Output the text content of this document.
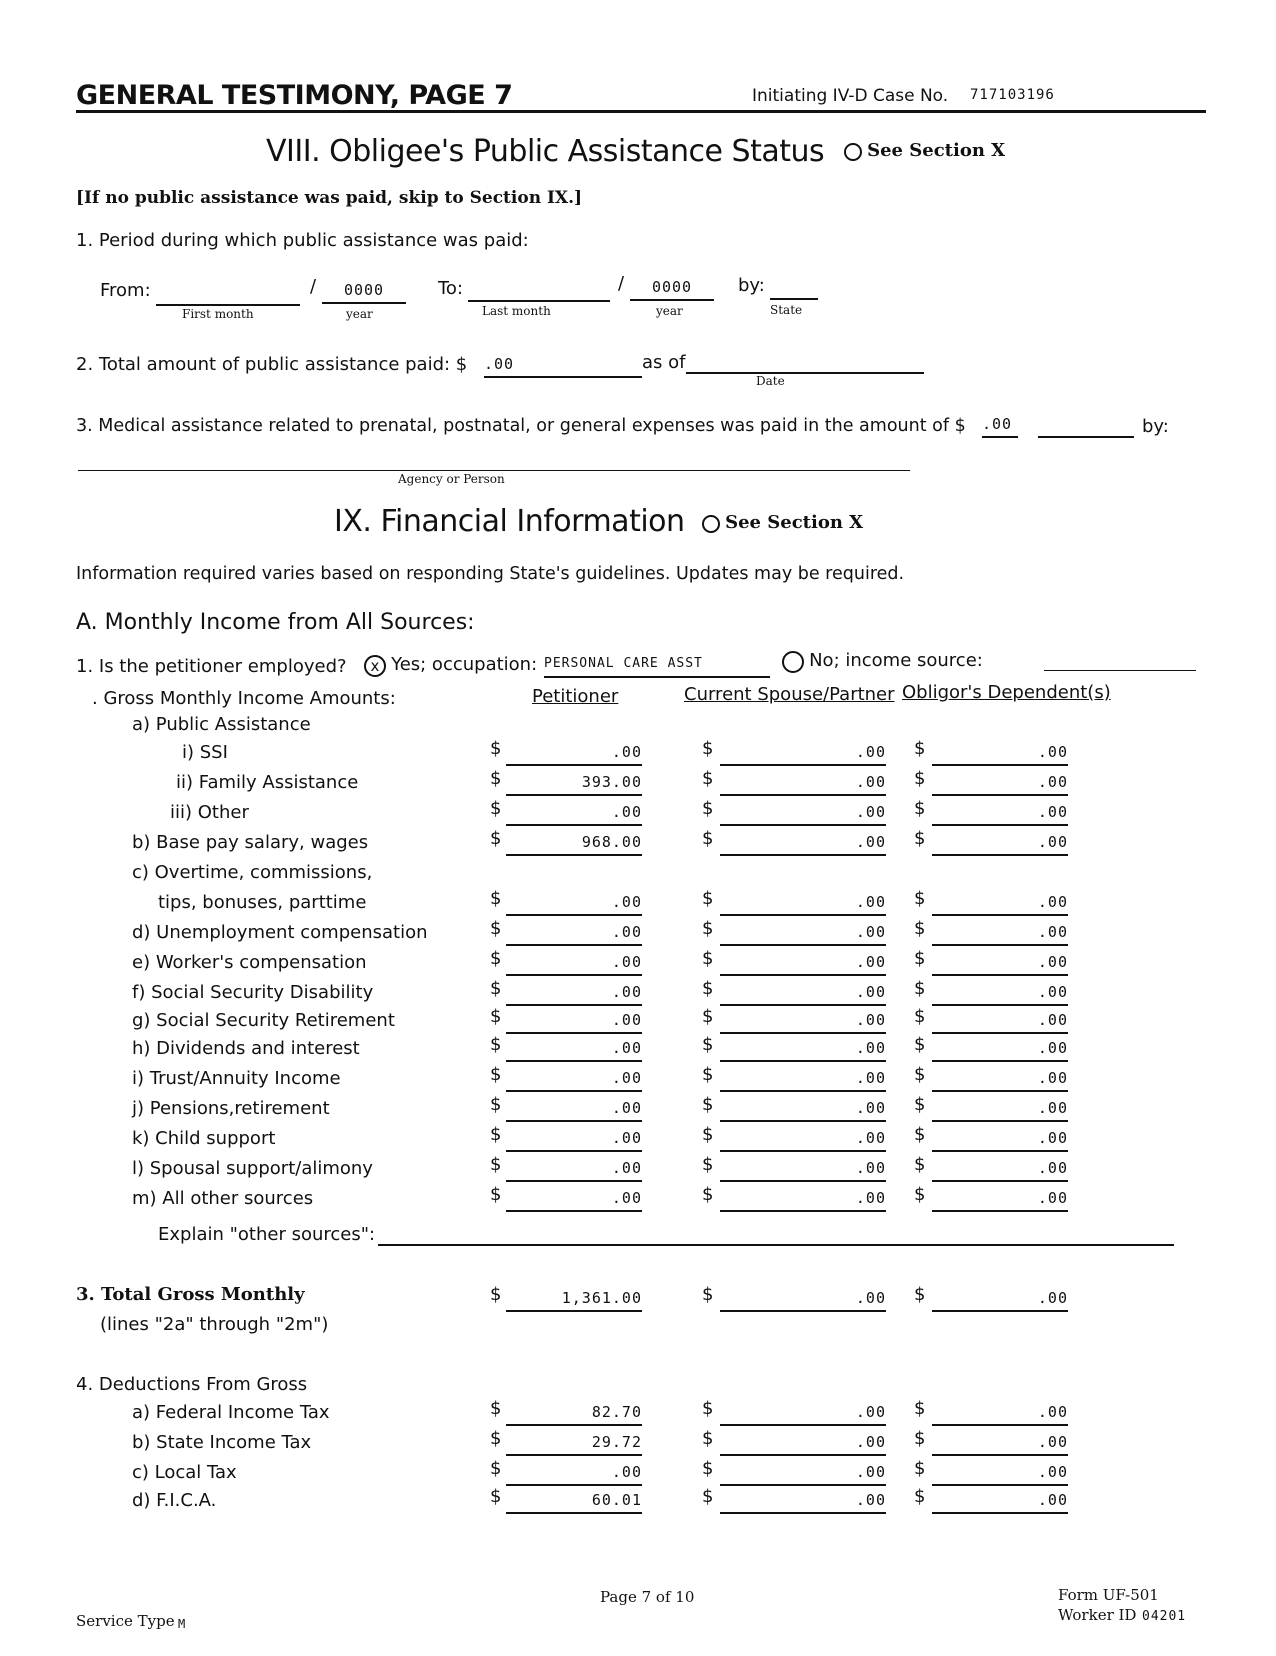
GENERAL TESTIMONY, PAGE 7	Initiating IV-D Case No. 717103196
VIII. Obligee's Public Assistance Status	See Section X
[If no public assistance was paid, skip to Section IX.]
1. Period during which public assistance was paid:
From:
First month
/	0000
year
To:
Last month
/	0000
year
by:
State
2. Total amount of public assistance paid: $ .00	as of
Date
3. Medical assistance related to prenatal, postnatal, or general expenses was paid in the amount of $ .00	by:
Agency or Person
IX. Financial Information	See Section X
Information required varies based on responding State's guidelines. Updates may be required.
A. Monthly Income from All Sources:
1. Is the petitioner employed?	x Yes; occupation: PERSONAL CARE ASST	No; income source:
. Gross Monthly Income Amounts:	Petitioner	Current Spouse/Partner Obligor's Dependent(s)
a) Public Assistance
i) SSI	$	.00	$	.00 $	.00
ii) Family Assistance	$	393.00	$	.00 $	.00
iii) Other	$	.00	$	.00 $	.00
b) Base pay salary, wages	$	968.00	$	.00 $	.00
c) Overtime, commissions,
tips, bonuses, parttime	$	.00	$	.00 $	.00
d) Unemployment compensation	$	.00	$	.00 $	.00
e) Worker's compensation	$	.00	$	.00 $	.00
f) Social Security Disability	$	.00	$	.00 $	.00
g) Social Security Retirement	$	.00	$	.00 $	.00
h) Dividends and interest	$	.00	$	.00 $	.00
i) Trust/Annuity Income	$	.00	$	.00 $	.00
j) Pensions,retirement	$	.00	$	.00 $	.00
k) Child support	$	.00	$	.00 $	.00
l) Spousal support/alimony	$	.00	$	.00 $	.00
m) All other sources	$	.00	$	.00 $	.00
Explain "other sources":
3. Total Gross Monthly
(lines "2a" through "2m")
$	1,361.00	$	.00 $	.00
4. Deductions From Gross
a) Federal Income Tax	$	82.70	$	.00 $	.00
b) State Income Tax	$	29.72	$	.00 $	.00
c) Local Tax	$	.00	$	.00 $	.00
d) F.I.C.A.	$	60.01	$	.00 $	.00
Service Type M
Page 7 of 10	Form UF-501
Worker ID 04201
